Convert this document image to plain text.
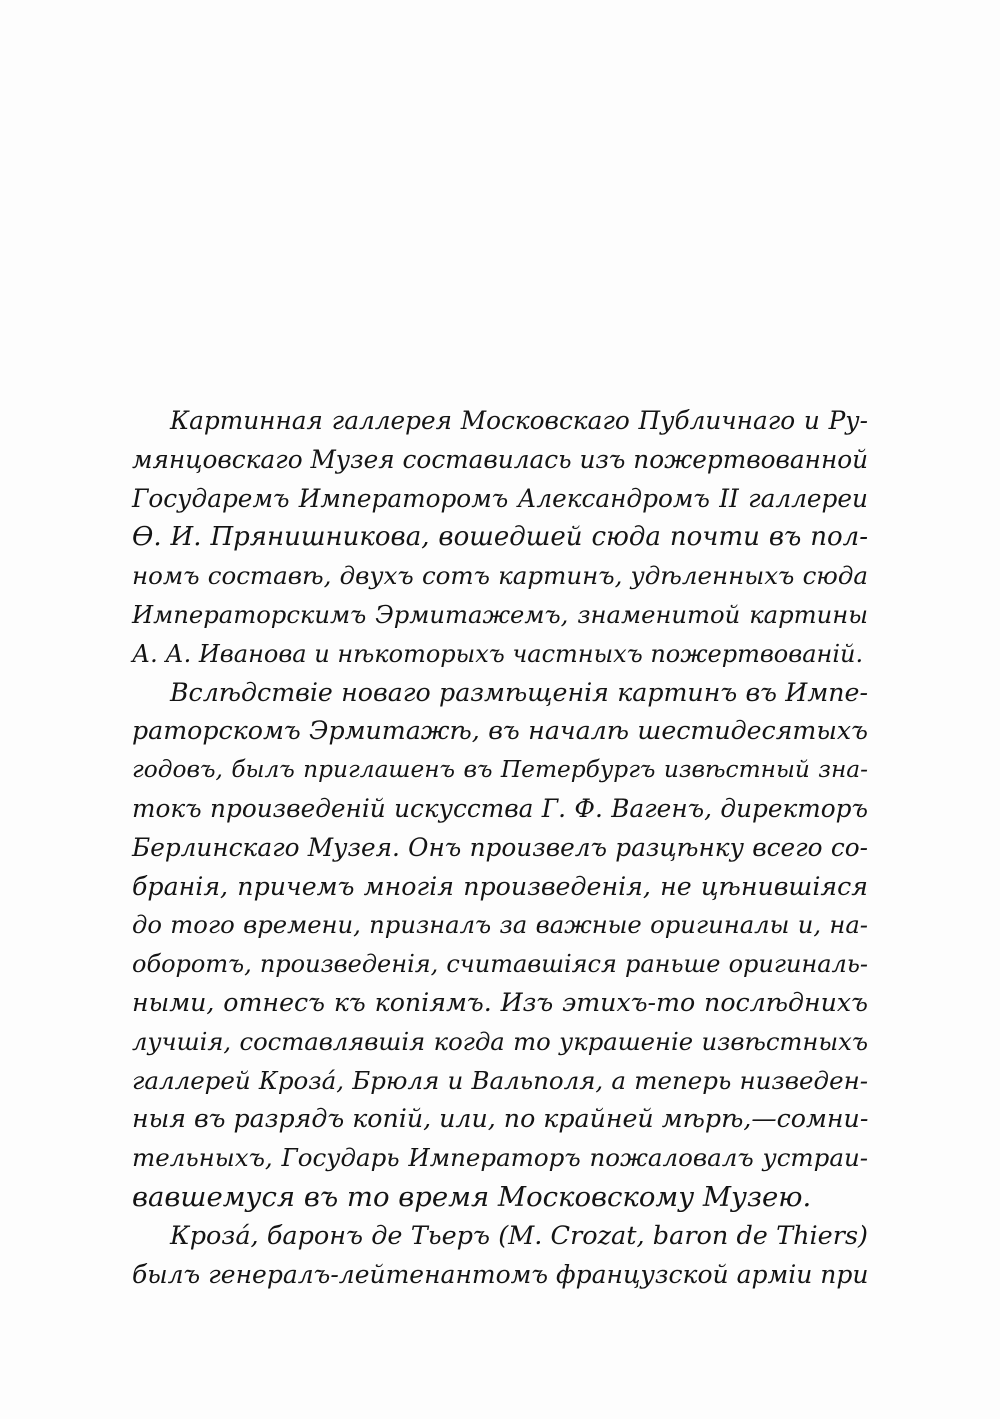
Картинная галлерея Московскаго Публичнаго и Ру-
мянцовскаго Музея составилась изъ пожертвованной
Государемъ Императоромъ Александромъ II галлереи
Ѳ. И. Прянишникова, вошедшей сюда почти въ пол-
номъ составѣ, двухъ сотъ картинъ, удѣленныхъ сюда
Императорскимъ Эрмитажемъ, знаменитой картины
А. А. Иванова и нѣкоторыхъ частныхъ пожертвованій.
Вслѣдствіе новаго размѣщенія картинъ въ Импе-
раторскомъ Эрмитажѣ, въ началѣ шестидесятыхъ
годовъ, былъ приглашенъ въ Петербургъ извѣстный зна-
токъ произведеній искусства Г. Ф. Вагенъ, директоръ
Берлинскаго Музея. Онъ произвелъ разцѣнку всего со-
бранія, причемъ многія произведенія, не цѣнившіяся
до того времени, призналъ за важные оригиналы и, на-
оборотъ, произведенія, считавшіяся раньше оригиналь-
ными, отнесъ къ копіямъ. Изъ этихъ-то послѣднихъ
лучшія, составлявшія когда то украшеніе извѣстныхъ
галлерей Крозá, Брюля и Вальполя, а теперь низведен-
ныя въ разрядъ копій, или, по крайней мѣрѣ,—сомни-
тельныхъ, Государь Императоръ пожаловалъ устраи-
вавшемуся въ то время Московскому Музею.
Крозá, баронъ де Тьеръ (M. Crozat, baron de Thiers)
былъ генералъ-лейтенантомъ французской арміи при
